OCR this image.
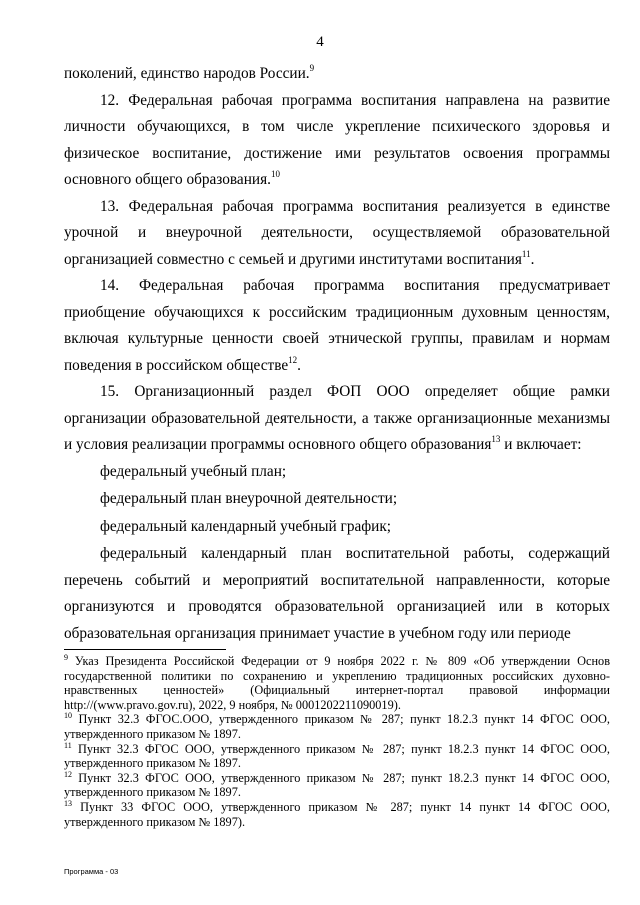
4

поколений, единство народов России.$^9$

12. Федеральная рабочая программа воспитания направлена на развитие личности обучающихся, в том числе укрепление психического здоровья и физическое воспитание, достижение ими результатов освоения программы основного общего образования.$^{10}$

13. Федеральная рабочая программа воспитания реализуется в единстве урочной и внеурочной деятельности, осуществляемой образовательной организацией совместно с семьей и другими институтами воспитания$^{11}$.

14. Федеральная рабочая программа воспитания предусматривает приобщение обучающихся к российским традиционным духовным ценностям, включая культурные ценности своей этнической группы, правилам и нормам поведения в российском обществе$^{12}$.

15. Организационный раздел ФОП ООО определяет общие рамки организации образовательной деятельности, а также организационные механизмы и условия реализации программы основного общего образования$^{13}$ и включает:

федеральный учебный план;

федеральный план внеурочной деятельности;

федеральный календарный учебный график;

федеральный календарный план воспитательной работы, содержащий перечень событий и мероприятий воспитательной направленности, которые организуются и проводятся образовательной организацией или в которых образовательная организация принимает участие в учебном году или периоде

$^9$ Указ Президента Российской Федерации от 9 ноября 2022 г. № 809 «Об утверждении Основ государственной политики по сохранению и укреплению традиционных российских духовно-нравственных ценностей» (Официальный интернет-портал правовой информации http://(www.pravo.gov.ru), 2022, 9 ноября, № 0001202211090019).

$^{10}$ Пункт 32.3 ФГОС.ООО, утвержденного приказом № 287; пункт 18.2.3 пункт 14 ФГОС ООО, утвержденного приказом № 1897.

$^{11}$ Пункт 32.3 ФГОС ООО, утвержденного приказом № 287; пункт 18.2.3 пункт 14 ФГОС ООО, утвержденного приказом № 1897.

$^{12}$ Пункт 32.3 ФГОС ООО, утвержденного приказом № 287; пункт 18.2.3 пункт 14 ФГОС ООО, утвержденного приказом № 1897.

$^{13}$ Пункт 33 ФГОС ООО, утвержденного приказом № 287; пункт 14 пункт 14 ФГОС ООО, утвержденного приказом № 1897).

Программа - 03
